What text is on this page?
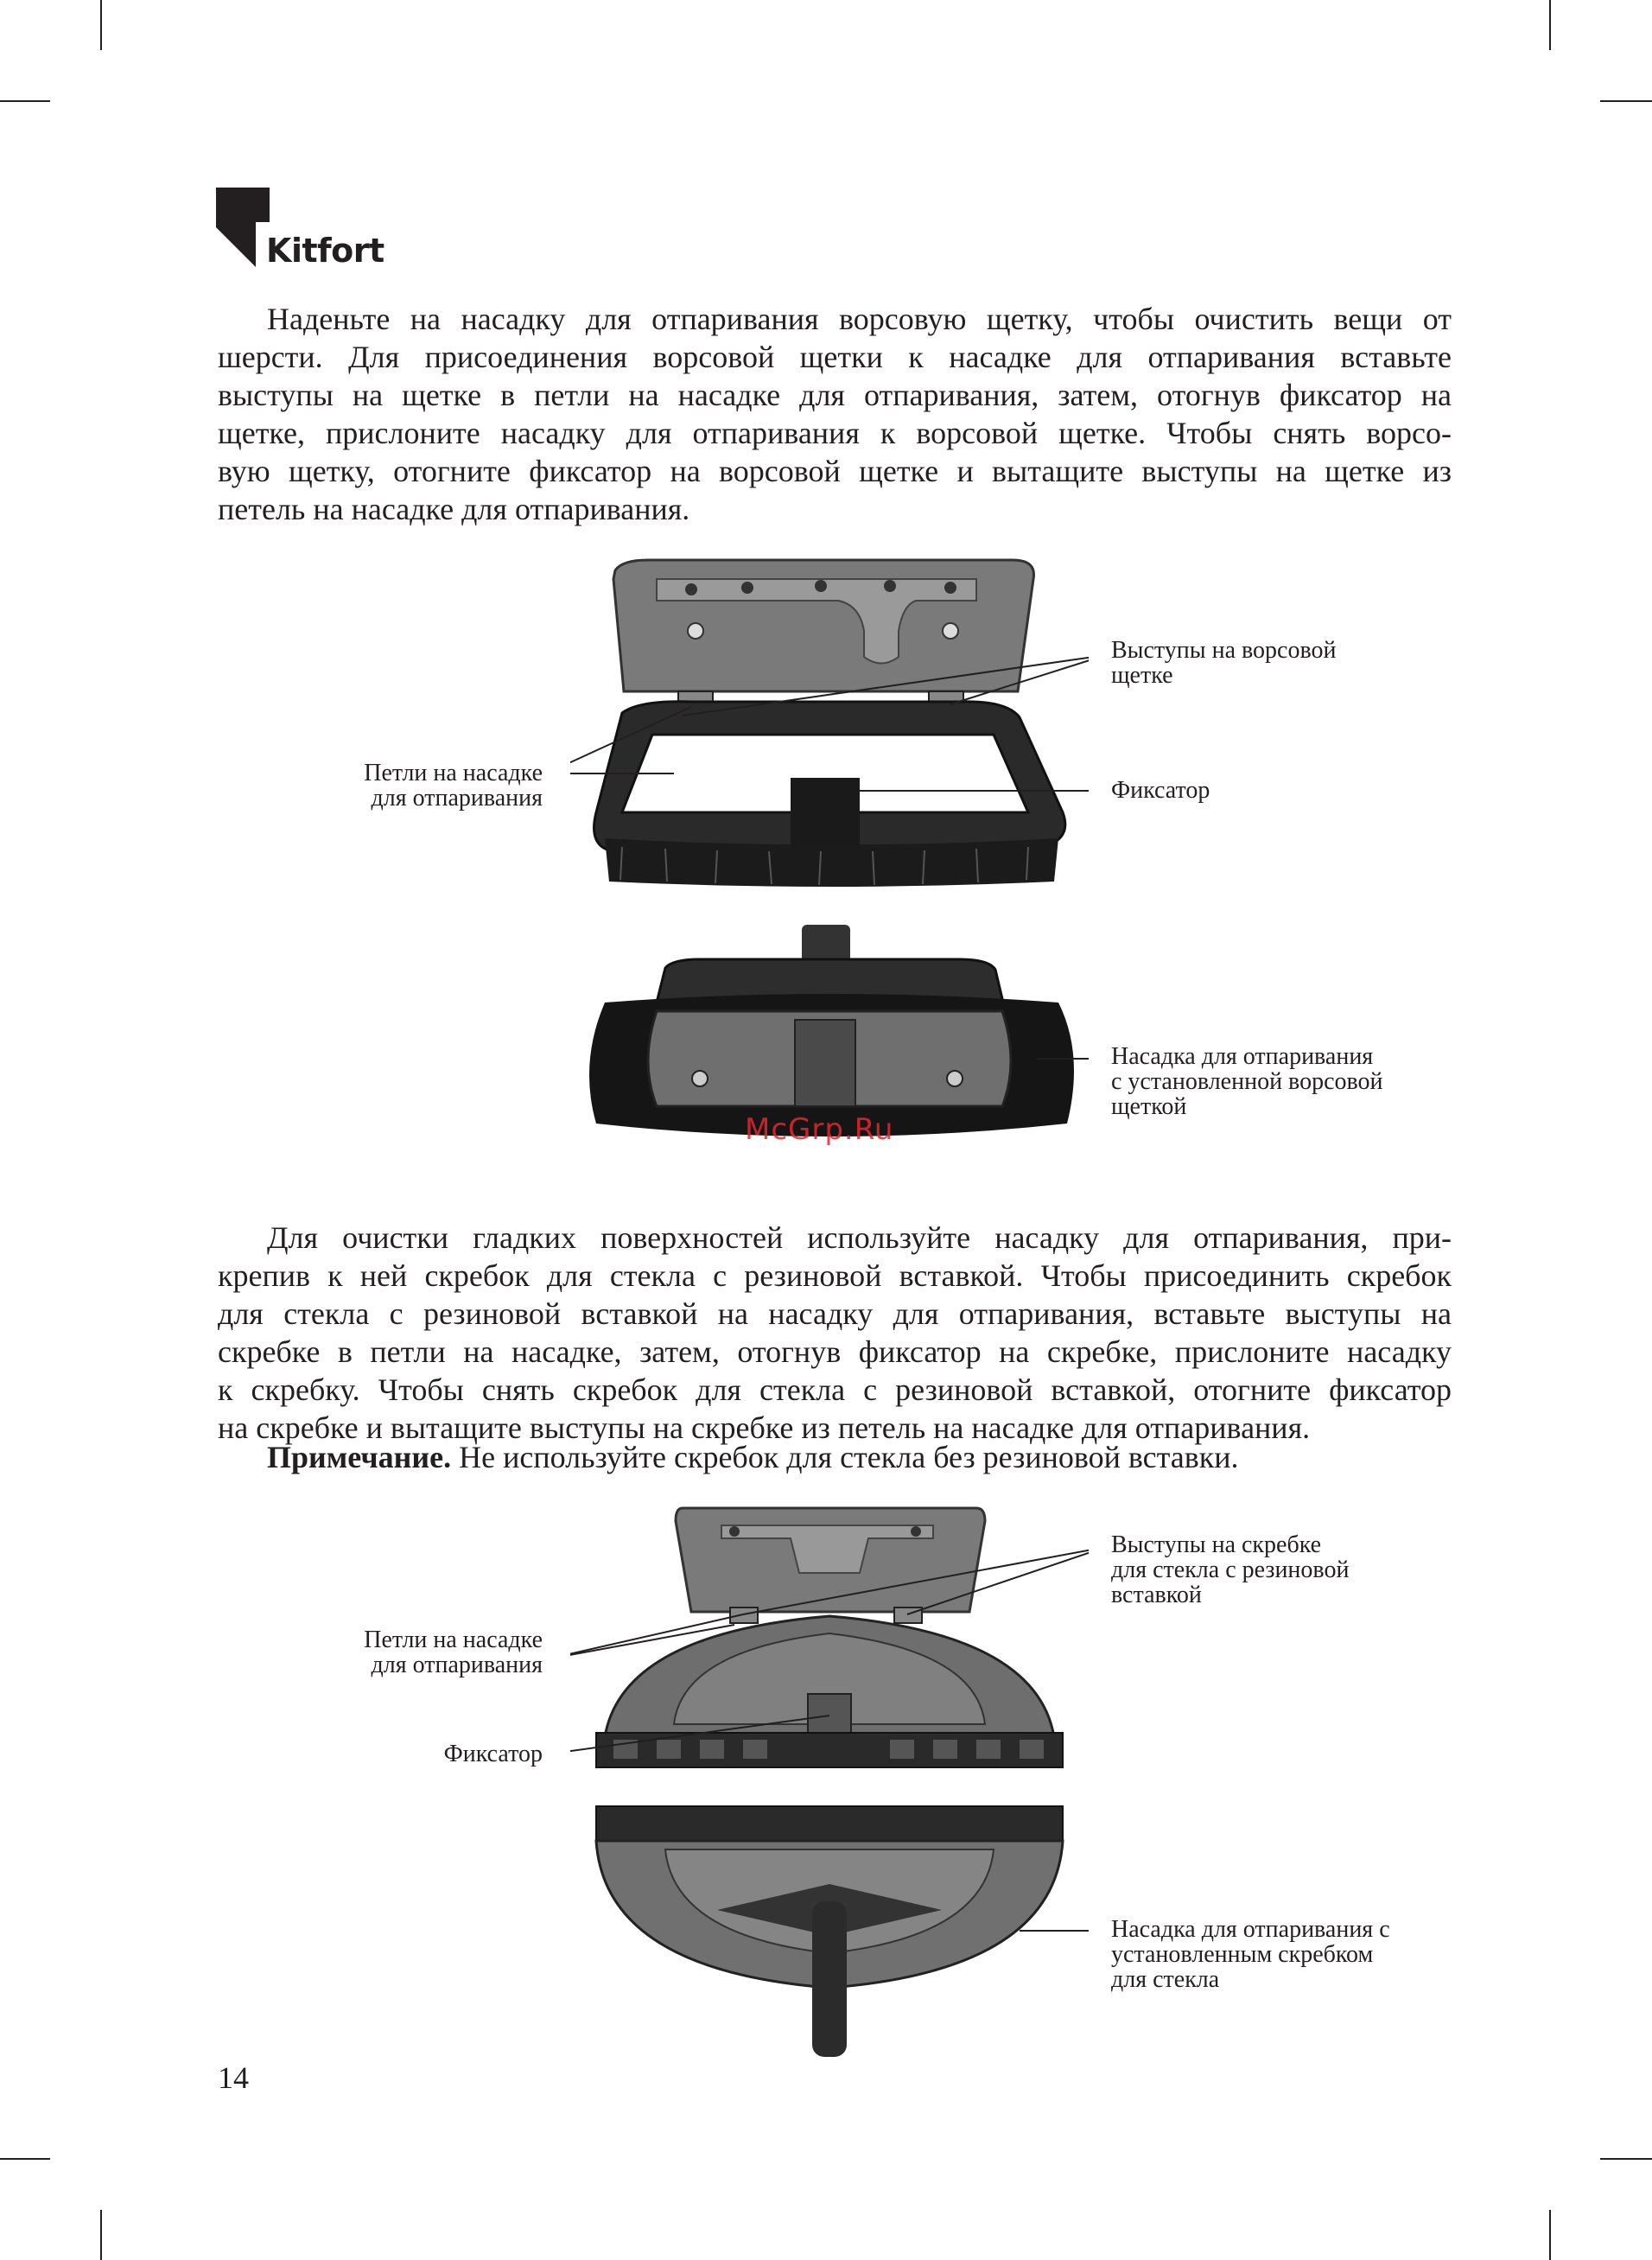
Kitfort
Наденьте на насадку для отпаривания ворсовую щетку, чтобы очистить вещи от
шерсти. Для присоединения ворсовой щетки к насадке для отпаривания вставьте
выступы на щетке в петли на насадке для отпаривания, затем, отогнув фиксатор на
щетке, прислоните насадку для отпаривания к ворсовой щетке. Чтобы снять ворсо-
вую щетку, отогните фиксатор на ворсовой щетке и вытащите выступы на щетке из
петель на насадке для отпаривания.
Выступы на ворсовой
щетке
Петли на насадке
для отпаривания	Фиксатор
Насадка для отпаривания
с установленной ворсовой
щеткой
McGrp.Ru
Для очистки гладких поверхностей используйте насадку для отпаривания, при-
крепив к ней скребок для стекла с резиновой вставкой. Чтобы присоединить скребок
для стекла с резиновой вставкой на насадку для отпаривания, вставьте выступы на
скребке в петли на насадке, затем, отогнув фиксатор на скребке, прислоните насадку
к скребку. Чтобы снять скребок для стекла с резиновой вставкой, отогните фиксатор
на скребке и вытащите выступы на скребке из петель на насадке для отпаривания.
Примечание. Не используйте скребок для стекла без резиновой вставки.
Выступы на скребке
для стекла с резиновой
вставкой
Петли на насадке
для отпаривания
Фиксатор
Насадка для отпаривания с
установленным скребком
для стекла
14
